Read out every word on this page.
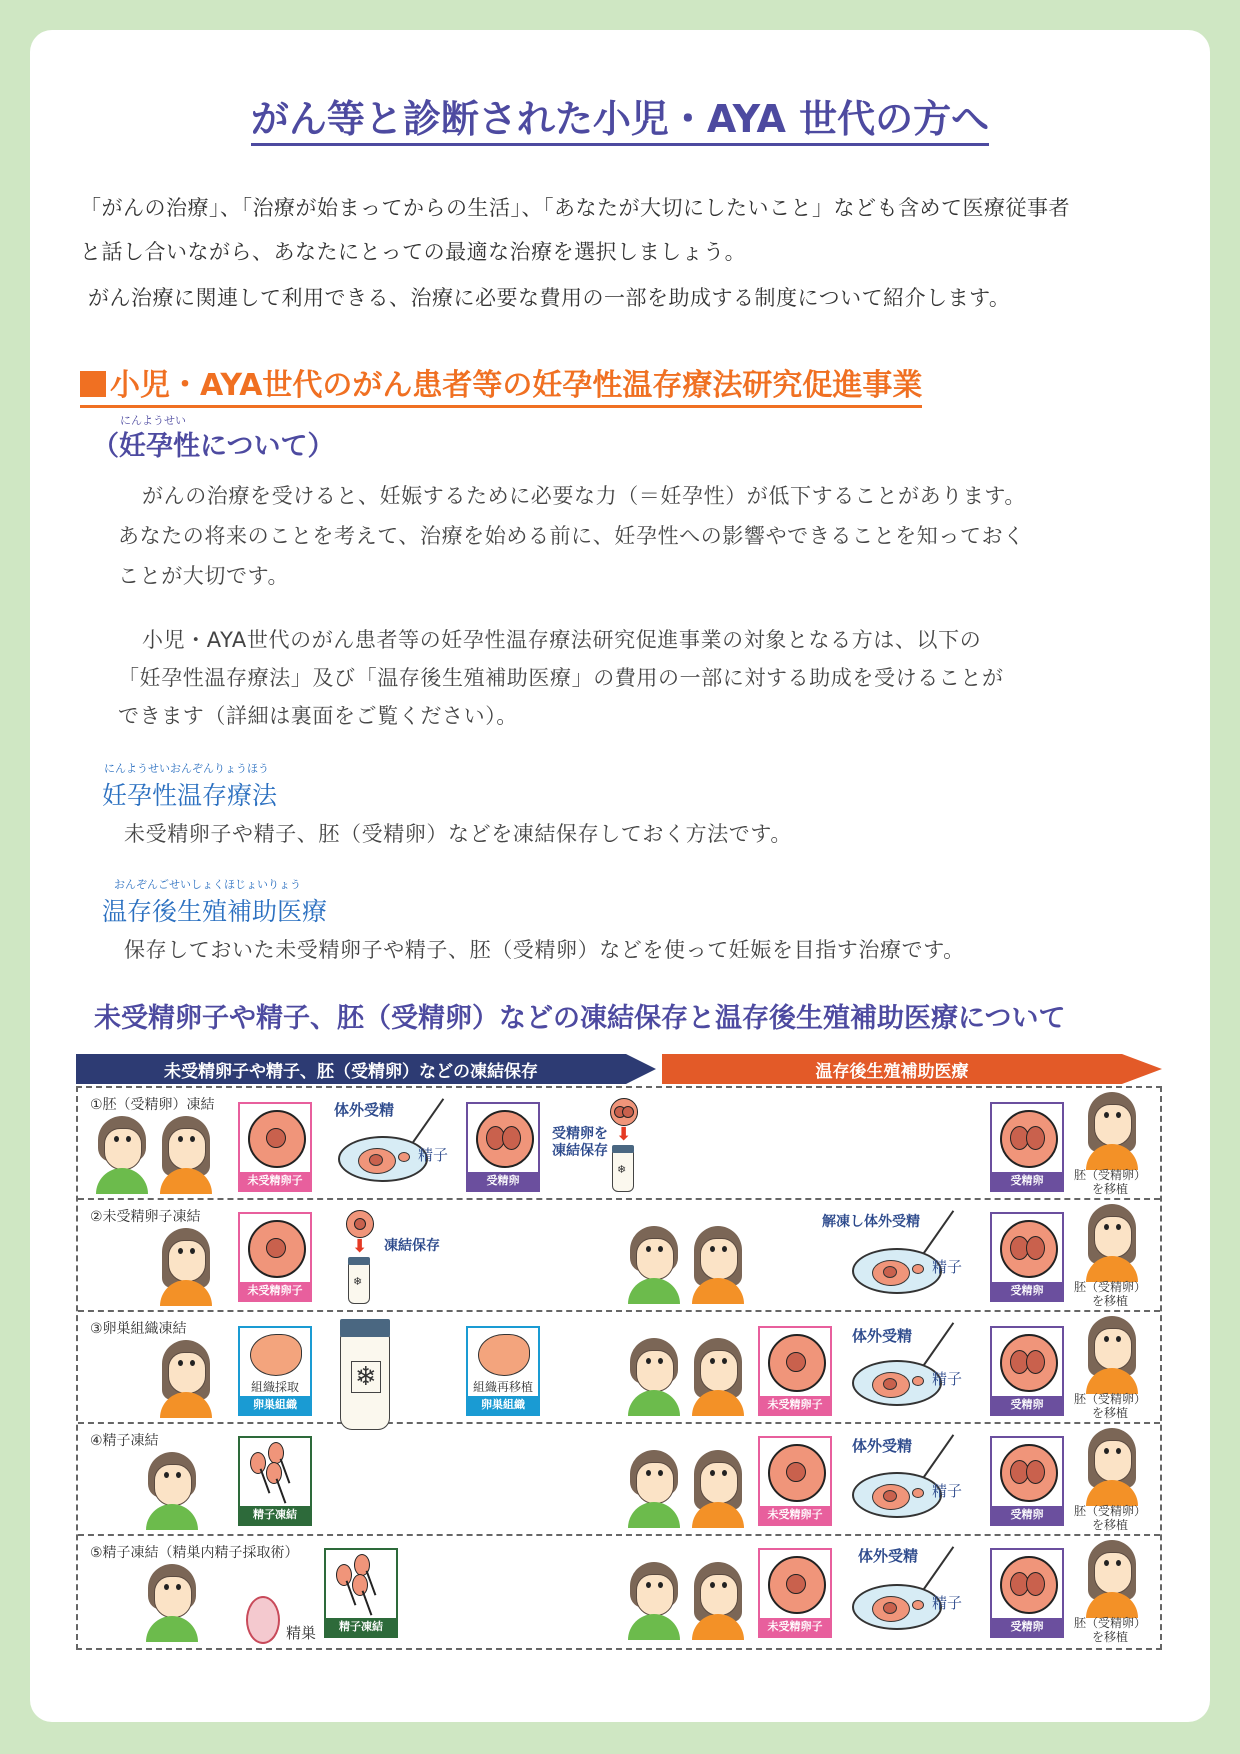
がん等と診断された小児・AYA 世代の方へ
「がんの治療」、「治療が始まってからの生活」、「あなたが大切にしたいこと」なども含めて医療従事者
と話し合いながら、あなたにとっての最適な治療を選択しましょう。
がん治療に関連して利用できる、治療に必要な費用の一部を助成する制度について紹介します。
小児・AYA世代のがん患者等の妊孕性温存療法研究促進事業
にんようせい
（妊孕性について）
がんの治療を受けると、妊娠するために必要な力（＝妊孕性）が低下することがあります。
あなたの将来のことを考えて、治療を始める前に、妊孕性への影響やできることを知っておく
ことが大切です。
小児・AYA世代のがん患者等の妊孕性温存療法研究促進事業の対象となる方は、以下の
「妊孕性温存療法」及び「温存後生殖補助医療」の費用の一部に対する助成を受けることが
できます（詳細は裏面をご覧ください）。
にんようせいおんぞんりょうほう
妊孕性温存療法
未受精卵子や精子、胚（受精卵）などを凍結保存しておく方法です。
おんぞんごせいしょくほじょいりょう
温存後生殖補助医療
保存しておいた未受精卵子や精子、胚（受精卵）などを使って妊娠を目指す治療です。
未受精卵子や精子、胚（受精卵）などの凍結保存と温存後生殖補助医療について
未受精卵子や精子、胚（受精卵）などの凍結保存	温存後生殖補助医療
①胚（受精卵）凍結
未受精卵子
体外受精
精子
受精卵
⬇
受精卵を
凍結保存
❄
受精卵	胚（受精卵）
を移植
②未受精卵子凍結
未受精卵子
⬇ 凍結保存
❄
解凍し体外受精
精子
受精卵	胚（受精卵）
を移植
③卵巣組織凍結
組織採取
卵巣組織
❄	組織再移植
卵巣組織	未受精卵子
体外受精
精子
受精卵	胚（受精卵）
を移植
④精子凍結
精子凍結	未受精卵子
体外受精
精子
受精卵	胚（受精卵）
を移植
⑤精子凍結（精巣内精子採取術）
精巣	精子凍結	未受精卵子
体外受精
精子
受精卵	胚（受精卵）
を移植
